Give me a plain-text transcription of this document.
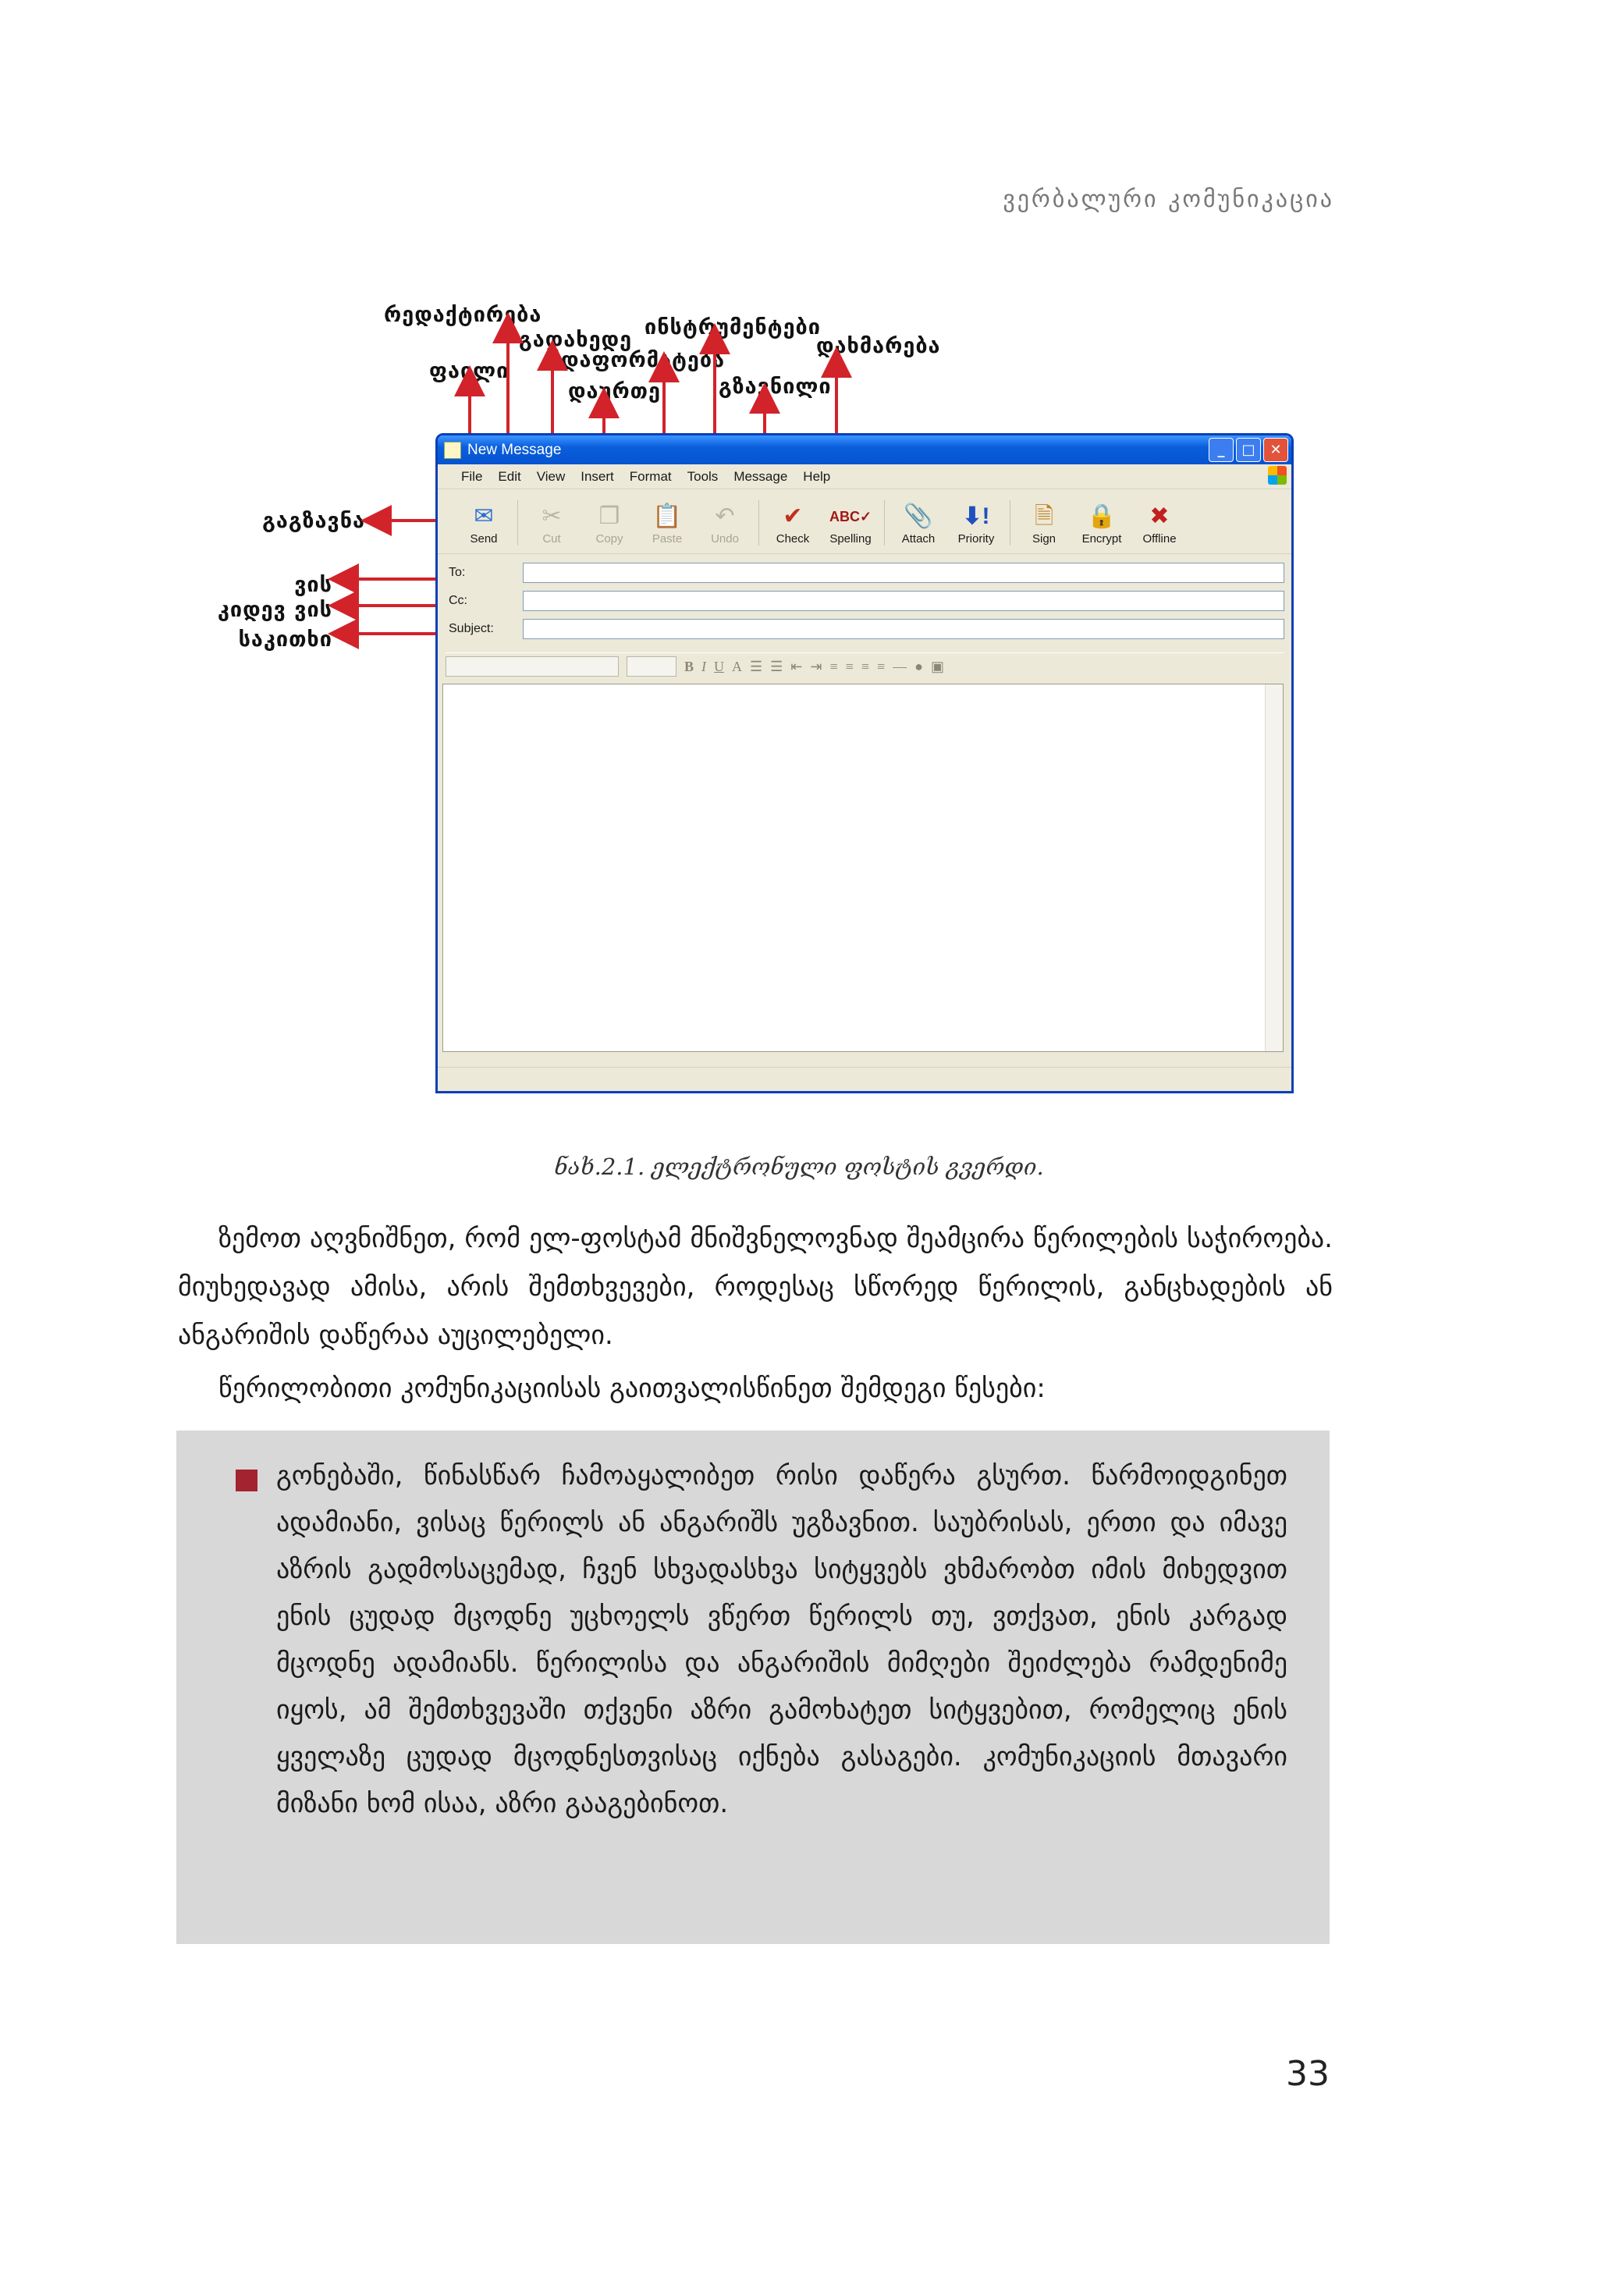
ვერბალური კომუნიკაცია
რედაქტირება
გადახედე
ინსტრუმენტები
დახმარება
დაფორმატება
ფაილი
დაურთე	გზავნილი
გაგზავნა
ვის
კიდევ ვის
საკითხი
New Message	_	□	✕
File Edit View Insert Format Tools Message Help
✉
Send
✂
Cut
❐
Copy
📋
Paste
↶
Undo
✔
Check
ABC✓
Spelling
📎
Attach
⬇!
Priority
🗎
Sign
🔒
Encrypt
✖
Offline
To:
Cc:
Subject:
B I U A ☰ ☰ ⇤ ⇥ ≡ ≡ ≡ ≡ — ● ▣
ნახ.2.1. ელექტრონული ფოსტის გვერდი.
ზემოთ აღვნიშნეთ, რომ ელ-ფოსტამ მნიშვნელოვნად შეამცირა წერილების საჭიროება. მიუხედავად ამისა, არის შემთხვევები, როდესაც სწორედ წერილის, განცხადების ან ანგარიშის დაწერაა აუცილებელი.
წერილობითი კომუნიკაციისას გაითვალისწინეთ შემდეგი წესები:
გონებაში, წინასწარ ჩამოაყალიბეთ რისი დაწერა გსურთ. წარმოიდგინეთ ადამიანი, ვისაც წერილს ან ანგარიშს უგზავნით. საუბრისას, ერთი და იმავე აზრის გადმოსაცემად, ჩვენ სხვადასხვა სიტყვებს ვხმარობთ იმის მიხედვით ენის ცუდად მცოდნე უცხოელს ვწერთ წერილს თუ, ვთქვათ, ენის კარგად მცოდნე ადამიანს. წერილისა და ანგარიშის მიმღები შეიძლება რამდენიმე იყოს, ამ შემთხვევაში თქვენი აზრი გამოხატეთ სიტყვებით, რომელიც ენის ყველაზე ცუდად მცოდნესთვისაც იქნება გასაგები. კომუნიკაციის მთავარი მიზანი ხომ ისაა, აზრი გააგებინოთ.
33
